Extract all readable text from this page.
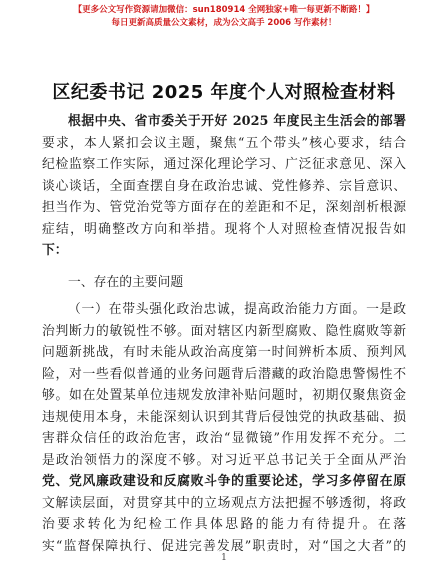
【更多公文写作资源请加微信：sun180914 全网独家+唯一每更新不断路！】
每日更新高质量公文素材，成为公文高手 2006 写作素材！
区纪委书记 2025 年度个人对照检查材料
根据中央、省市委关于开好 2025 年度民主生活会的部署
要求，本人紧扣会议主题，聚焦“五个带头”核心要求，结合
纪检监察工作实际，通过深化理论学习、广泛征求意见、深入
谈心谈话，全面查摆自身在政治忠诚、党性修养、宗旨意识、
担当作为、管党治党等方面存在的差距和不足，深刻剖析根源
症结，明确整改方向和举措。现将个人对照检查情况报告如
下：
一、存在的主要问题
（一）在带头强化政治忠诚，提高政治能力方面。一是政
治判断力的敏锐性不够。面对辖区内新型腐败、隐性腐败等新
问题新挑战，有时未能从政治高度第一时间辨析本质、预判风
险，对一些看似普通的业务问题背后潜藏的政治隐患警惕性不
够。如在处置某单位违规发放津补贴问题时，初期仅聚焦资金
违规使用本身，未能深刻认识到其背后侵蚀党的执政基础、损
害群众信任的政治危害，政治“显微镜”作用发挥不充分。二
是政治领悟力的深度不够。对习近平总书记关于全面从严治
党、党风廉政建设和反腐败斗争的重要论述，学习多停留在原
文解读层面，对贯穿其中的立场观点方法把握不够透彻，将政
治要求转化为纪检工作具体思路的能力有待提升。在落
实“监督保障执行、促进完善发展”职责时，对“国之大者”的
1
